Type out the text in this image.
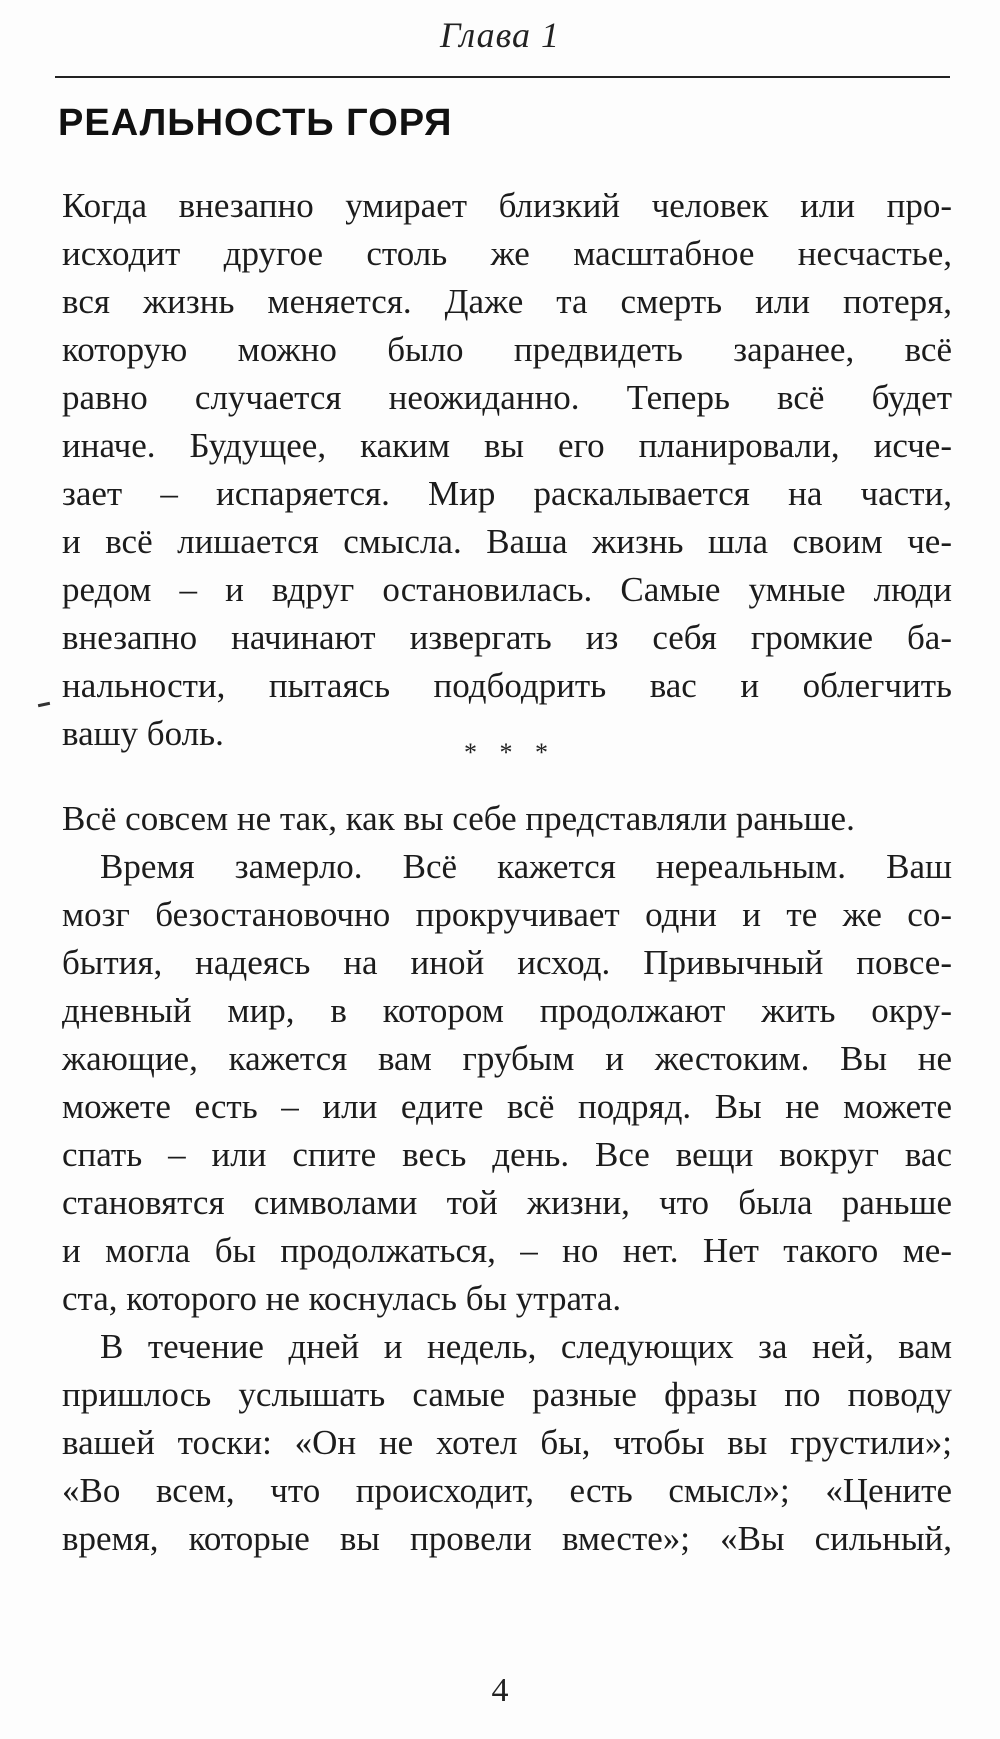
Глава 1
РЕАЛЬНОСТЬ ГОРЯ
Когда внезапно умирает близкий человек или про-
исходит другое столь же масштабное несчастье,
вся жизнь меняется. Даже та смерть или потеря,
которую можно было предвидеть заранее, всё
равно случается неожиданно. Теперь всё будет
иначе. Будущее, каким вы его планировали, исче-
зает – испаряется. Мир раскалывается на части,
и всё лишается смысла. Ваша жизнь шла своим че-
редом – и вдруг остановилась. Самые умные люди
внезапно начинают извергать из себя громкие ба-
нальности, пытаясь подбодрить вас и облегчить
вашу боль.	* * *
Всё совсем не так, как вы себе представляли раньше.
Время замерло. Всё кажется нереальным. Ваш
мозг безостановочно прокручивает одни и те же со-
бытия, надеясь на иной исход. Привычный повсе-
дневный мир, в котором продолжают жить окру-
жающие, кажется вам грубым и жестоким. Вы не
можете есть – или едите всё подряд. Вы не можете
спать – или спите весь день. Все вещи вокруг вас
становятся символами той жизни, что была раньше
и могла бы продолжаться, – но нет. Нет такого ме-
ста, которого не коснулась бы утрата.
В течение дней и недель, следующих за ней, вам
пришлось услышать самые разные фразы по поводу
вашей тоски: «Он не хотел бы, чтобы вы грустили»;
«Во всем, что происходит, есть смысл»; «Цените
время, которые вы провели вместе»; «Вы сильный,
4
